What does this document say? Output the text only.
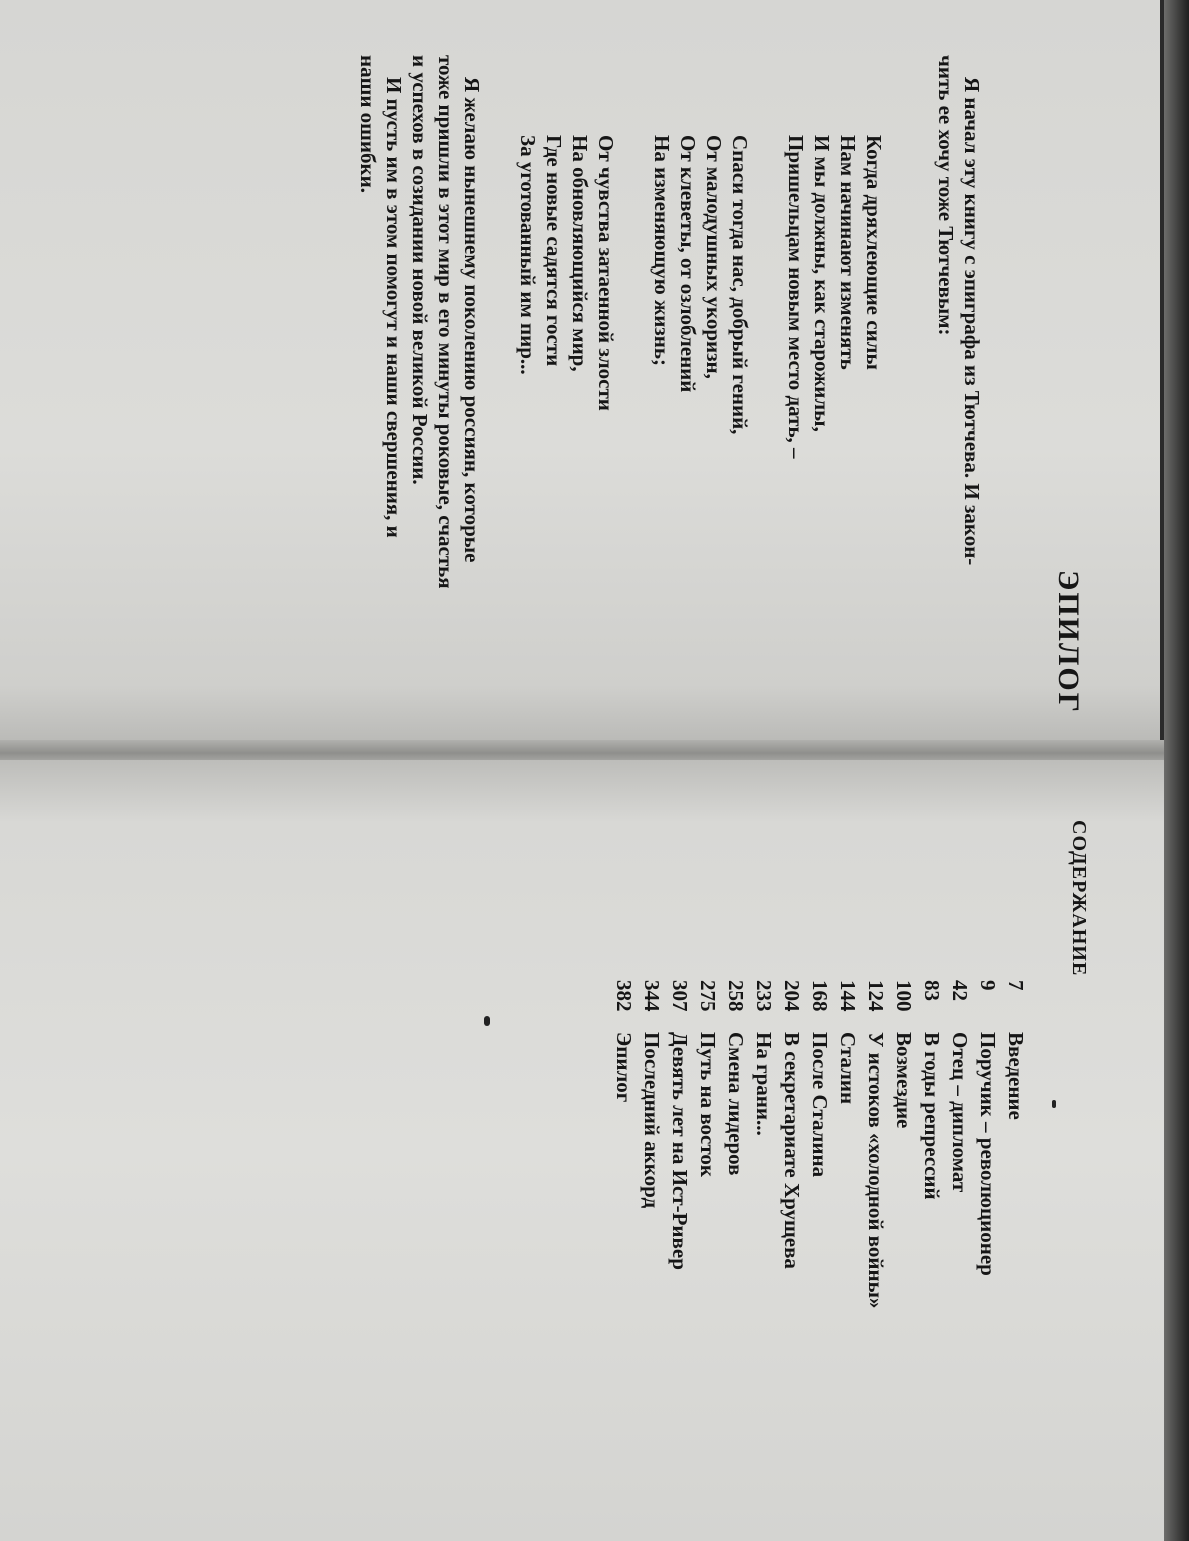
ЭПИЛОГ
Я начал эту книгу с эпиграфа из Тютчева. И закон-
чить ее хочу тоже Тютчевым:
Когда дряхлеющие силы
Нам начинают изменять
И мы должны, как старожилы,
Пришельцам новым место дать, –
Спаси тогда нас, добрый гений,
От малодушных укоризн,
От клеветы, от озлоблений
На изменяющую жизнь;
От чувства затаенной злости
На обновляющийся мир,
Где новые садятся гости
За уготованный им пир...
Я желаю нынешнему поколению россиян, которые
тоже пришли в этот мир в его минуты роковые, счастья
и успехов в созидании новой великой России.
И пусть им в этом помогут и наши свершения, и
наши ошибки.
СОДЕРЖАНИЕ
7
Введение
9
Поручик – революционер
42
Отец – дипломат
83
В годы репрессий
100
Возмездие
124
У истоков «холодной войны»
144
Сталин
168
После Сталина
204
В секретариате Хрущева
233
На грани...
258
Смена лидеров
275
Путь на восток
307
Девять лет на Ист-Ривер
344
Последний аккорд
382
Эпилог
